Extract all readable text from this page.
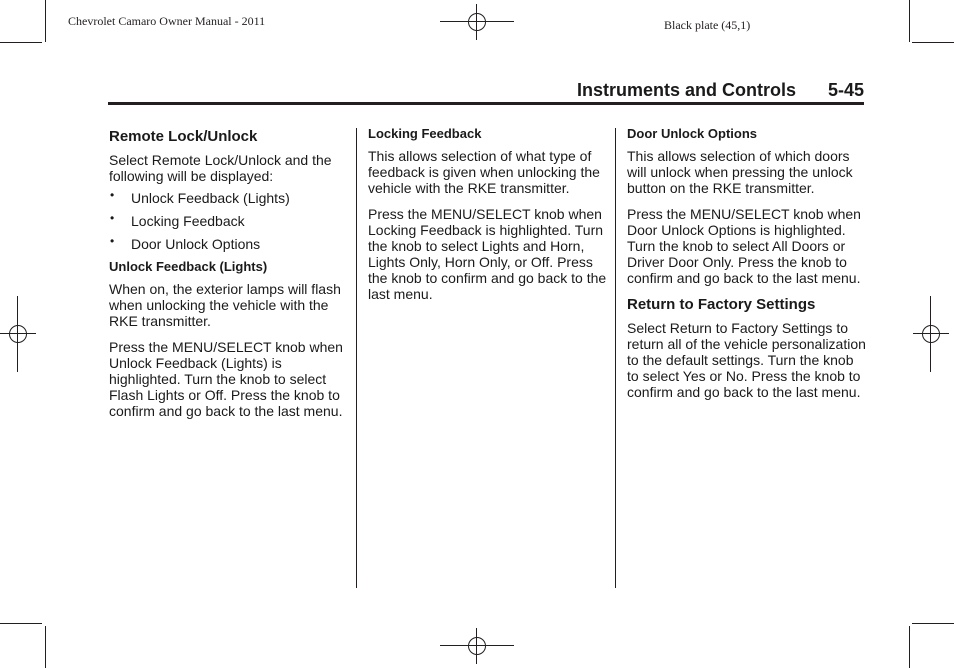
Chevrolet Camaro Owner Manual - 2011	Black plate (45,1)
Instruments and Controls 5-45
Remote Lock/Unlock

Select Remote Lock/Unlock and the following will be displayed:

• Unlock Feedback (Lights)
• Locking Feedback
• Door Unlock Options
Unlock Feedback (Lights)

When on, the exterior lamps will flash when unlocking the vehicle with the RKE transmitter.

Press the MENU/SELECT knob when Unlock Feedback (Lights) is highlighted. Turn the knob to select Flash Lights or Off. Press the knob to confirm and go back to the last menu.

Locking Feedback

This allows selection of what type of feedback is given when unlocking the vehicle with the RKE transmitter.

Press the MENU/SELECT knob when Locking Feedback is highlighted. Turn the knob to select Lights and Horn, Lights Only, Horn Only, or Off. Press the knob to confirm and go back to the last menu.

Door Unlock Options

This allows selection of which doors will unlock when pressing the unlock button on the RKE transmitter.

Press the MENU/SELECT knob when Door Unlock Options is highlighted. Turn the knob to select All Doors or Driver Door Only. Press the knob to confirm and go back to the last menu.

Return to Factory Settings

Select Return to Factory Settings to return all of the vehicle personalization to the default settings. Turn the knob to select Yes or No. Press the knob to confirm and go back to the last menu.
